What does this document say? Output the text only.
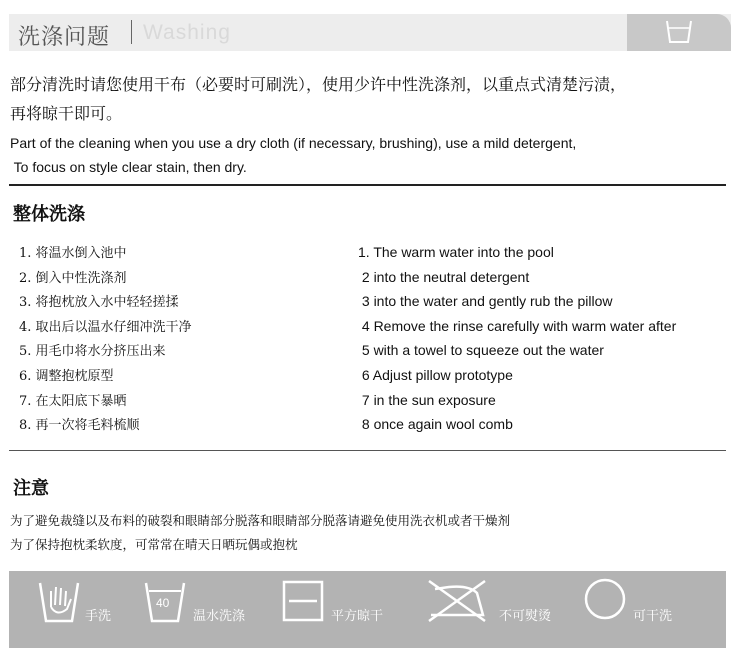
洗涤问题 Washing
部分清洗时请您使用干布（必要时可刷洗），使用少许中性洗涤剂，以重点式清楚污渍，
再将晾干即可。
Part of the cleaning when you use a dry cloth (if necessary, brushing), use a mild detergent,
To focus on style clear stain, then dry.
整体洗涤
1. 将温水倒入池中
2. 倒入中性洗涤剂
3. 将抱枕放入水中轻轻搓揉
4. 取出后以温水仔细冲洗干净
5. 用毛巾将水分挤压出来
6. 调整抱枕原型
7. 在太阳底下暴晒
8. 再一次将毛料梳顺
1. The warm water into the pool
2 into the neutral detergent
3 into the water and gently rub the pillow
4 Remove the rinse carefully with warm water after
5 with a towel to squeeze out the water
6 Adjust pillow prototype
7 in the sun exposure
8 once again wool comb
注意
为了避免裁缝以及布料的破裂和眼睛部分脱落和眼睛部分脱落请避免使用洗衣机或者干燥剂
为了保持抱枕柔软度，可常常在晴天日晒玩偶或抱枕
手洗
40
温水洗涤	平方晾干	不可熨烫	可干洗
